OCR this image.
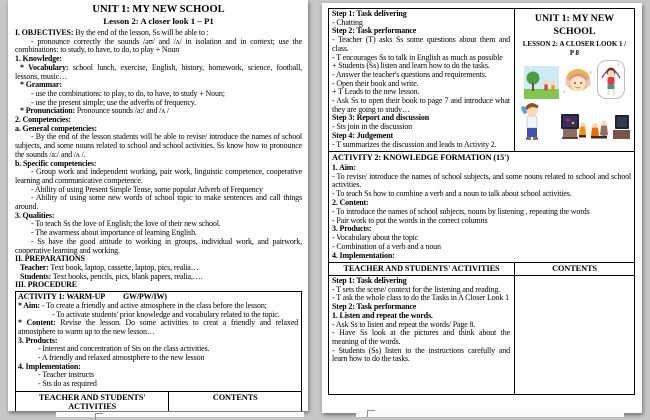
UNIT 1: MY NEW SCHOOL
Lesson 2: A closer look 1 – P1
I. OBJECTIVES: By the end of the lesson, Ss will be able to :
- pronounce correctly the sounds /əʊ/ and /ʌ/ in isolation and in context; use the combinations: to study, to have, to do, to play + Noun
1. Knowledge:
* Vocabulary: school lunch, exercise, English, history, homework, science, football, lessons, music…
* Grammar:
- use the combinations: to play, to do, to have, to study + Noun;
- use the present simple; use the adverbs of frequency.
* Pronunciation: Pronounce sounds /a:/ and /ʌ /
2. Competencies:
a. General competencies:
- By the end of the lesson students will be able to revise/ introduce the names of school subjects, and some nouns related to school and school activities. Ss know how to pronounce the sounds /a:/ and /ʌ /.
b. Specific competencies:
- Group work and independent working, pair work, linguistic competence, cooperative learning and communicative competence.
- Ability of using Present Simple Tense, some popular Adverb of Frequency
- Ability of using some new words of school topic to make sentences and call things around.
3. Qualities:
- To teach Ss the love of English; the love of their new school.
- The awarmess about importance of learning English.
- Ss have the good attitude to working in groups, individual work, and pairwork, cooperative learning and working.
II. PREPARATIONS
Teacher: Text book, laptop, cassette, laptop, pics, realia…
Students: Text books, pencils, pics, blank papers, realia,….
III. PROCEDURE
ACTIVITY 1: WARM-UP GW/PW/IW)
* Aim: - To create a friendly and active atmosphere in the class before the lesson;
- To activate students' prior knowledge and vocabulary related to the topic.
* Content: Revise the lesson. Do some activities to creat a friendly and relaxed atmostphere to warm up to the new lesson…
3. Products:
- Interest and concentration of Sts on the class activities.
- A friendly and relaxed atmostphere to the new lesson
4. Implementation:
- Teacher instructs
- Sts do as required
TEACHER AND STUDENTS' ACTIVITIES
CONTENTS
Step 1: Task delivering
- Chatting
Step 2: Task performance
- Teacher (T) asks Ss some questions about them and class.
- T encourages Ss to talk in English as much as possible
+ Students (Ss) listen and learn how to do the tasks.
- Answer the teacher's questions and requirements.
- Open their book and write.
+ T Leads to the new lesson.
- Ask Ss to open their book to page 7 and introduce what they are going to study…
Step 3: Report and discussion
- Sts join in the discussion
Step 4: Judgement
- T summarizes the discussion and leads to Activity 2.
UNIT 1: MY NEW SCHOOL
LESSON 2: A CLOSER LOOK 1 / P 8
♪
♪
♪
ACTIVITY 2: KNOWLEDGE FORMATION (15')
1. Aim:
- To revise/ introduce the names of school subjects, and some nouns related to school and school activities.
- To teach Ss how to combine a verb and a noun to talk about school activities.
2. Content:
- To introduce the names of school subjects, nouns by listening , repeating the words
- Pair work to put the words in the correct columns
3. Products:
- Vocabulary about the topic
- Combination of a verb and a noun
4. Implementation:
TEACHER AND STUDENTS' ACTIVITIES	CONTENTS
Step 1: Task delivering
- T sets the scene/ context for the listening and reading.
- T ask the whole class to do the Tasks in A Closer Look 1
Step 2: Task performance
1. Listen and repeat the words.
- Ask Ss to listen and repeat the words/ Page 8.
- Have Ss look at the pictures and think about the meaning of the words.
- Students (Ss) listen to the instructions carefully and learn how to do the tasks.
